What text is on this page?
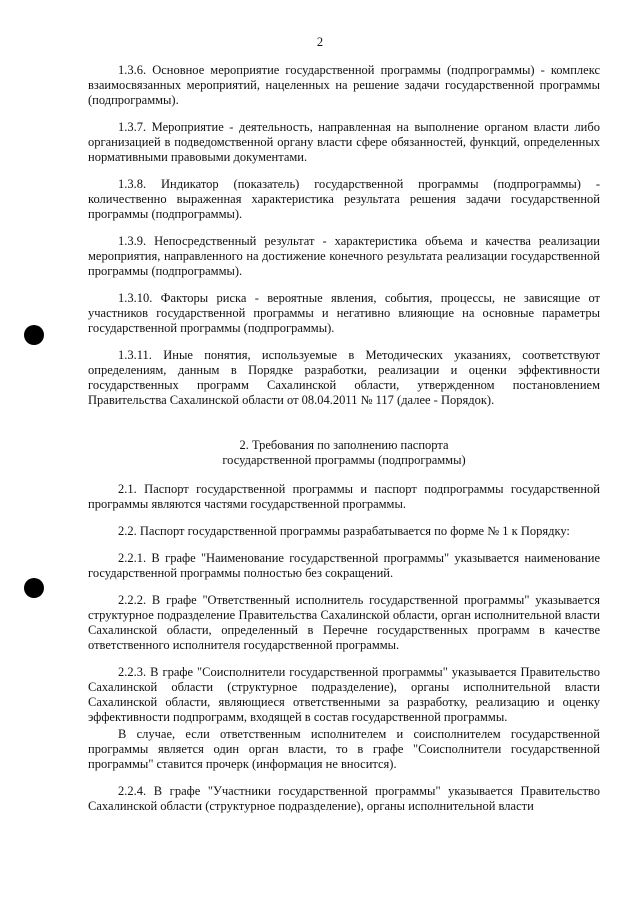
2

1.3.6. Основное мероприятие государственной программы (подпрограммы) - комплекс взаимосвязанных мероприятий, нацеленных на решение задачи государственной программы (подпрограммы).

1.3.7. Мероприятие - деятельность, направленная на выполнение органом власти либо организацией в подведомственной органу власти сфере обязанностей, функций, определенных нормативными правовыми документами.

1.3.8. Индикатор (показатель) государственной программы (подпрограммы) - количественно выраженная характеристика результата решения задачи государственной программы (подпрограммы).

1.3.9. Непосредственный результат - характеристика объема и качества реализации мероприятия, направленного на достижение конечного результата реализации государственной программы (подпрограммы).

1.3.10. Факторы риска - вероятные явления, события, процессы, не зависящие от участников государственной программы и негативно влияющие на основные параметры государственной программы (подпрограммы).

1.3.11. Иные понятия, используемые в Методических указаниях, соответствуют определениям, данным в Порядке разработки, реализации и оценки эффективности государственных программ Сахалинской области, утвержденном постановлением Правительства Сахалинской области от 08.04.2011 № 117 (далее - Порядок).

2. Требования по заполнению паспорта
государственной программы (подпрограммы)

2.1. Паспорт государственной программы и паспорт подпрограммы государственной программы являются частями государственной программы.

2.2. Паспорт государственной программы разрабатывается по форме № 1 к Порядку:

2.2.1. В графе "Наименование государственной программы" указывается наименование государственной программы полностью без сокращений.

2.2.2. В графе "Ответственный исполнитель государственной программы" указывается структурное подразделение Правительства Сахалинской области, орган исполнительной власти Сахалинской области, определенный в Перечне государственных программ в качестве ответственного исполнителя государственной программы.

2.2.3. В графе "Соисполнители государственной программы" указывается Правительство Сахалинской области (структурное подразделение), органы исполнительной власти Сахалинской области, являющиеся ответственными за разработку, реализацию и оценку эффективности подпрограмм, входящей в состав государственной программы.

В случае, если ответственным исполнителем и соисполнителем государственной программы является один орган власти, то в графе "Соисполнители государственной программы" ставится прочерк (информация не вносится).

2.2.4. В графе "Участники государственной программы" указывается Правительство Сахалинской области (структурное подразделение), органы исполнительной власти
